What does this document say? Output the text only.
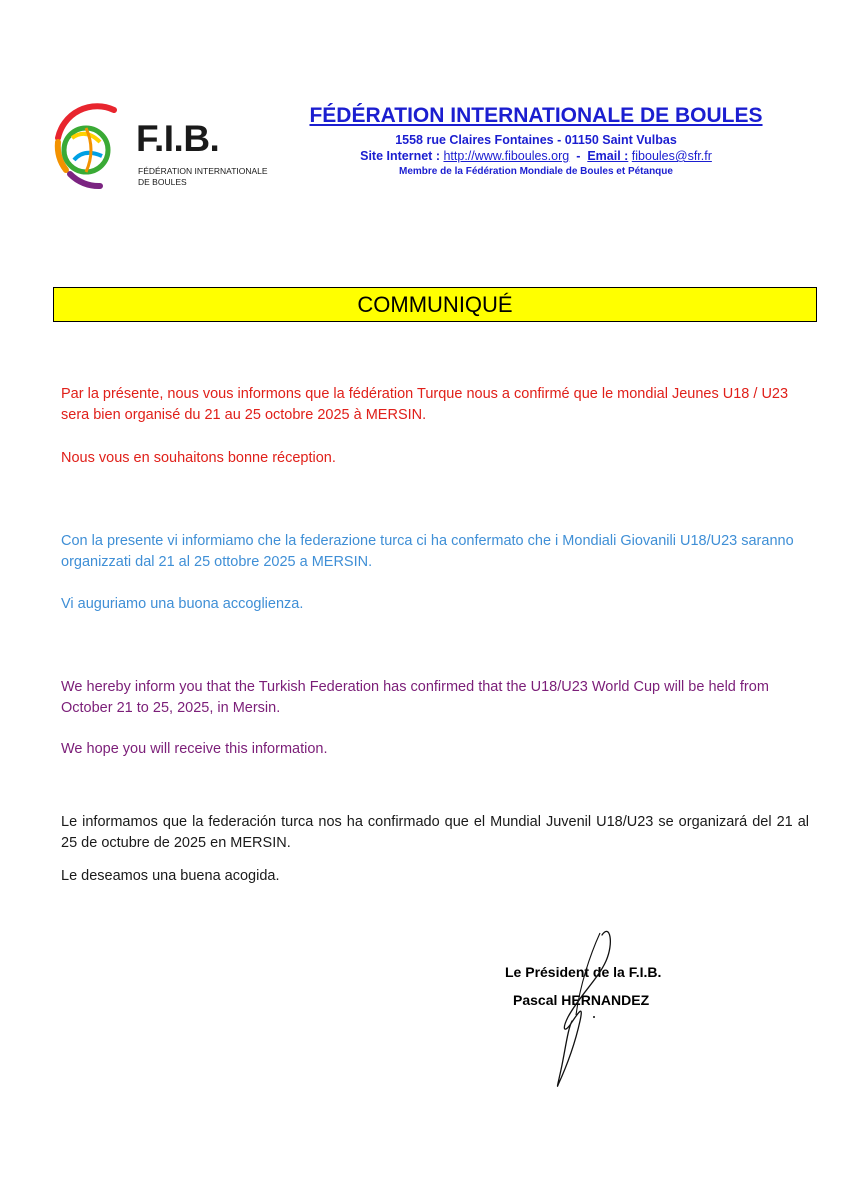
F.I.B.
FÉDÉRATION INTERNATIONALE
DE BOULES
FÉDÉRATION INTERNATIONALE DE BOULES
1558 rue Claires Fontaines - 01150 Saint Vulbas
Site Internet : http://www.fiboules.org - Email : fiboules@sfr.fr
Membre de la Fédération Mondiale de Boules et Pétanque
COMMUNIQUÉ
Par la présente, nous vous informons que la fédération Turque nous a confirmé que le mondial Jeunes U18 / U23 sera bien organisé du 21 au 25 octobre 2025 à MERSIN.
Nous vous en souhaitons bonne réception.
Con la presente vi informiamo che la federazione turca ci ha confermato che i Mondiali Giovanili U18/U23 saranno organizzati dal 21 al 25 ottobre 2025 a MERSIN.
Vi auguriamo una buona accoglienza.
We hereby inform you that the Turkish Federation has confirmed that the U18/U23 World Cup will be held from October 21 to 25, 2025, in Mersin.
We hope you will receive this information.
Le informamos que la federación turca nos ha confirmado que el Mundial Juvenil U18/U23 se organizará del 21 al 25 de octubre de 2025 en MERSIN.
Le deseamos una buena acogida.
Le Président de la F.I.B.
Pascal HERNANDEZ
